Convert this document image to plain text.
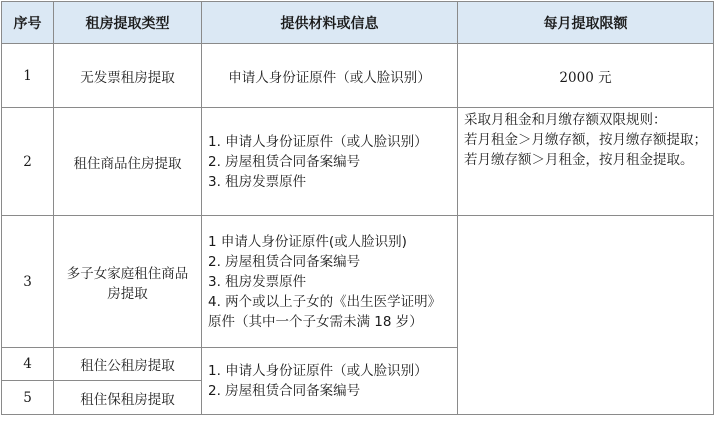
序号	租房提取类型	提供材料或信息	每月提取限额
1	无发票租房提取	申请人身份证原件（或人脸识别）	2000 元
2	租住商品住房提取	1. 申请人身份证原件（或人脸识别）
2. 房屋租赁合同备案编号
3. 租房发票原件	采取月租金和月缴存额双限规则：
若月租金＞月缴存额，按月缴存额提取；
若月缴存额＞月租金，按月租金提取。

3	多子女家庭租住商品房提取	1 申请人身份证原件(或人脸识别)
2. 房屋租赁合同备案编号
3. 租房发票原件
4. 两个或以上子女的《出生医学证明》原件（其中一个子女需未满 18 岁）	

4	租住公租房提取	1. 申请人身份证原件（或人脸识别）
2. 房屋租赁合同备案编号	

5	租住保租房提取		
